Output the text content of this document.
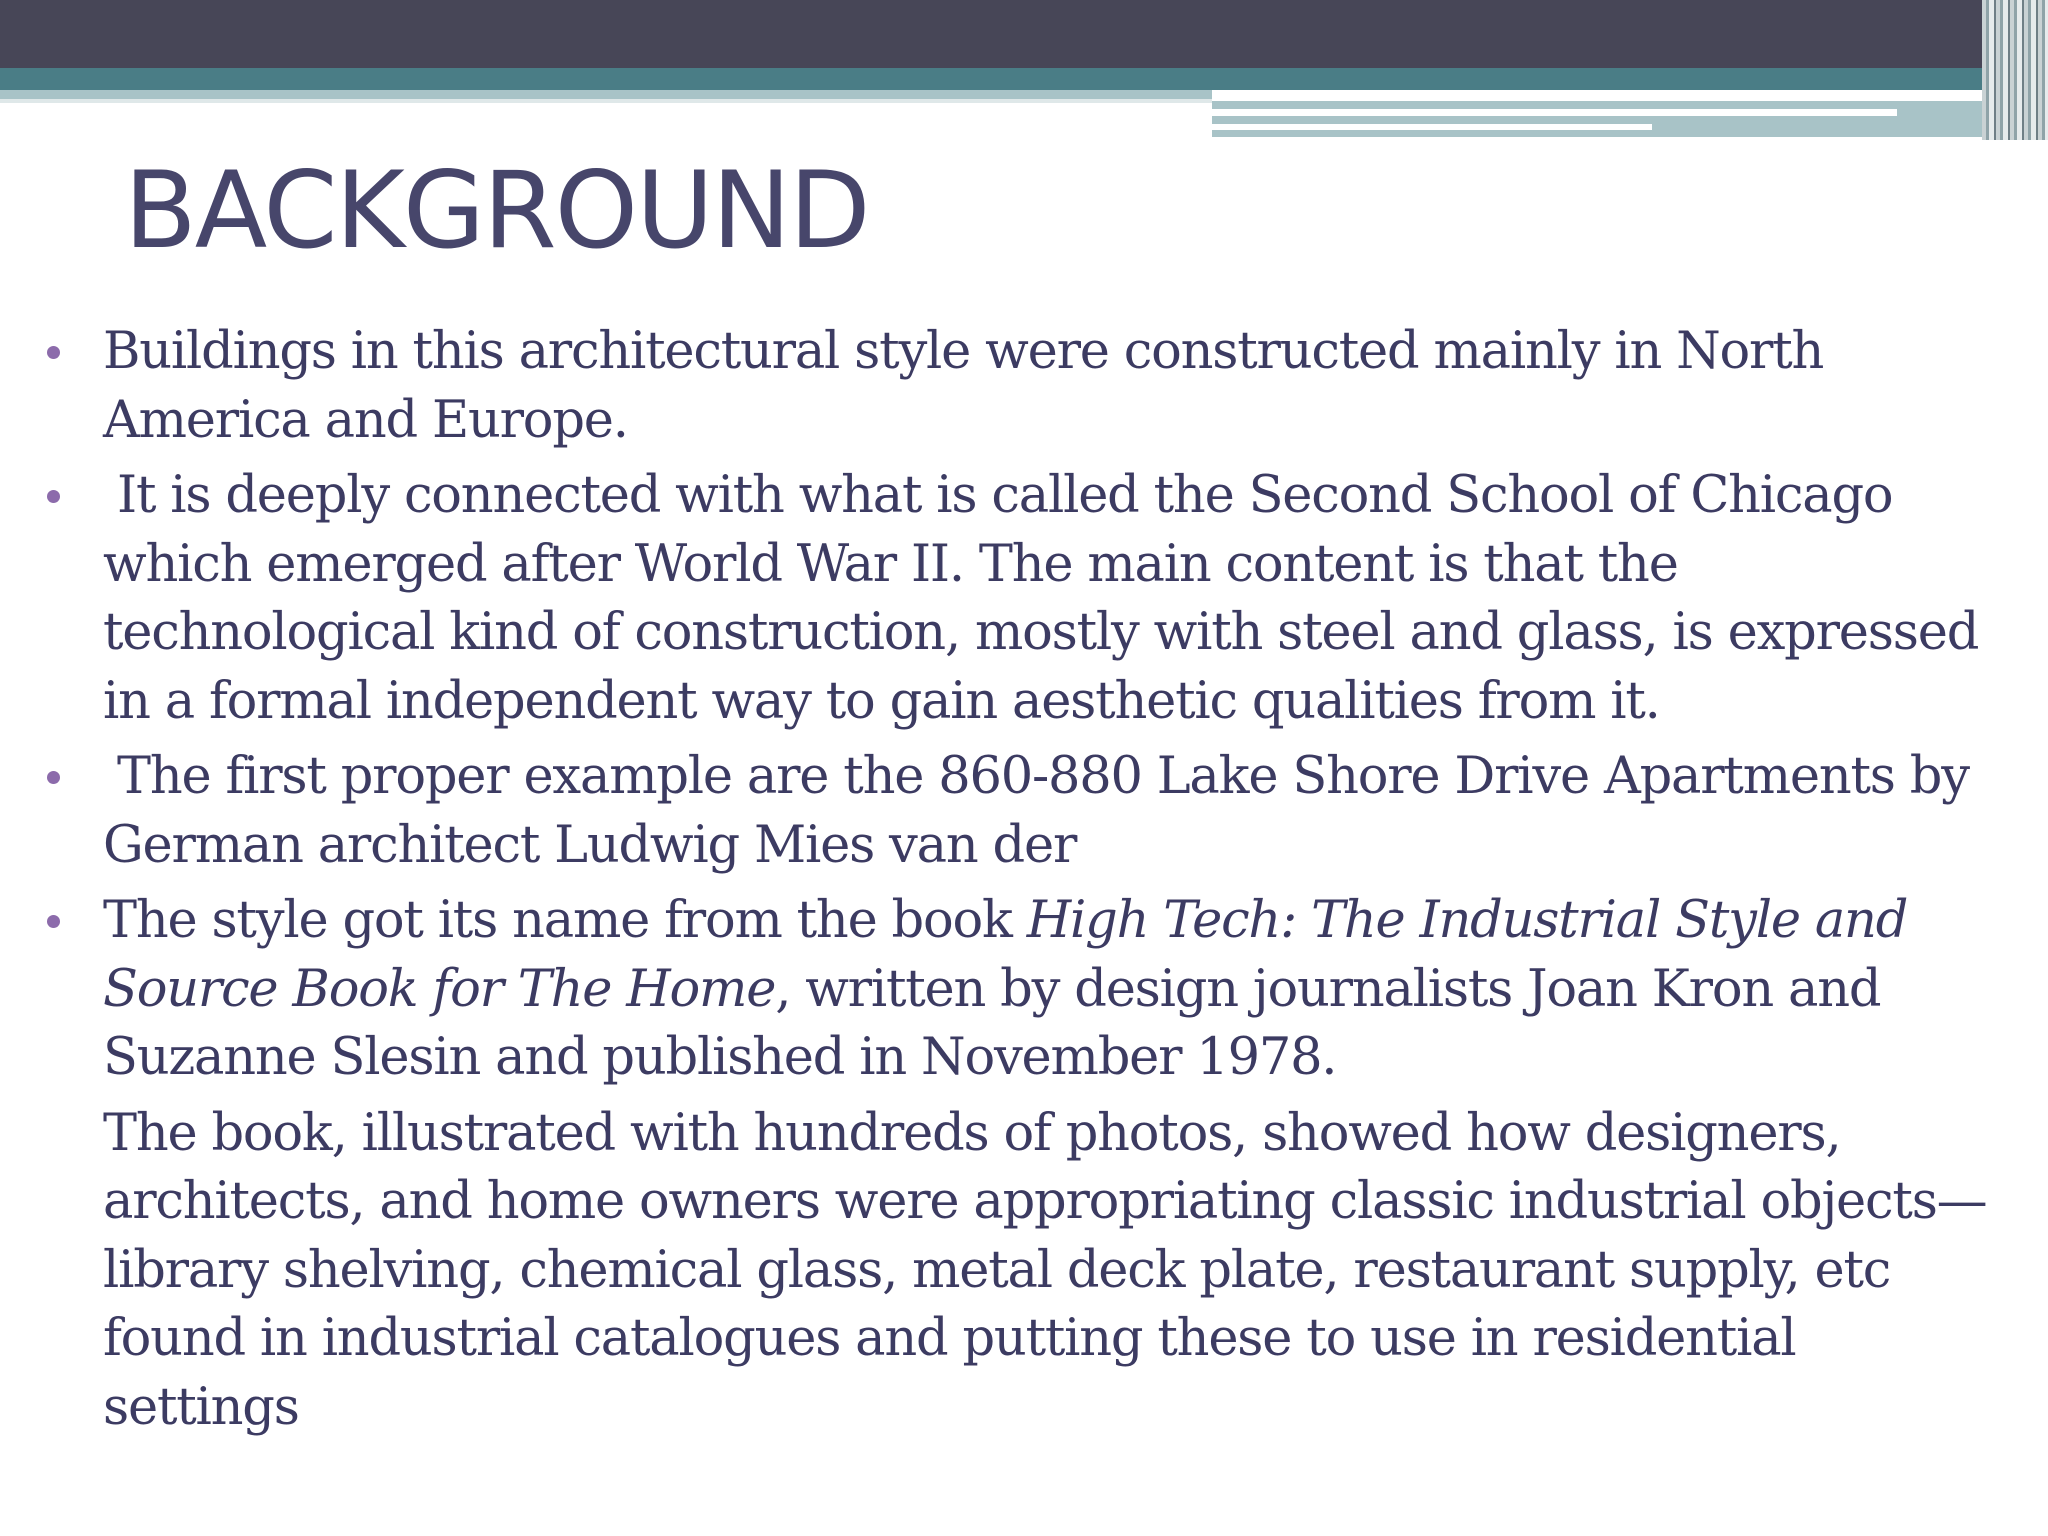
BACKGROUND
Buildings in this architectural style were constructed mainly in North America and Europe.
It is deeply connected with what is called the Second School of Chicago which emerged after World War II. The main content is that the technological kind of construction, mostly with steel and glass, is expressed in a formal independent way to gain aesthetic qualities from it.
The first proper example are the 860-880 Lake Shore Drive Apartments by German architect Ludwig Mies van der
The style got its name from the book High Tech: The Industrial Style and Source Book for The Home, written by design journalists Joan Kron and Suzanne Slesin and published in November 1978.
The book, illustrated with hundreds of photos, showed how designers, architects, and home owners were appropriating classic industrial objects—library shelving, chemical glass, metal deck plate, restaurant supply, etc found in industrial catalogues and putting these to use in residential settings
